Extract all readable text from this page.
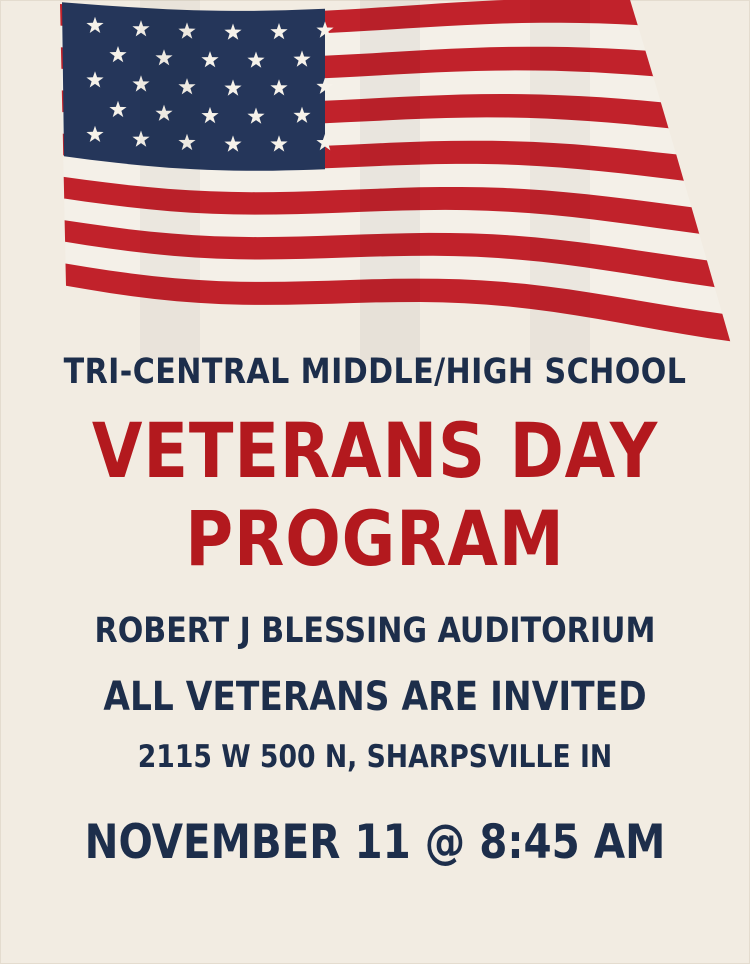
TRI-CENTRAL MIDDLE/HIGH SCHOOL
VETERANS DAY
PROGRAM
ROBERT J BLESSING AUDITORIUM
ALL VETERANS ARE INVITED
2115 W 500 N, SHARPSVILLE IN
NOVEMBER 11 @ 8:45 AM
